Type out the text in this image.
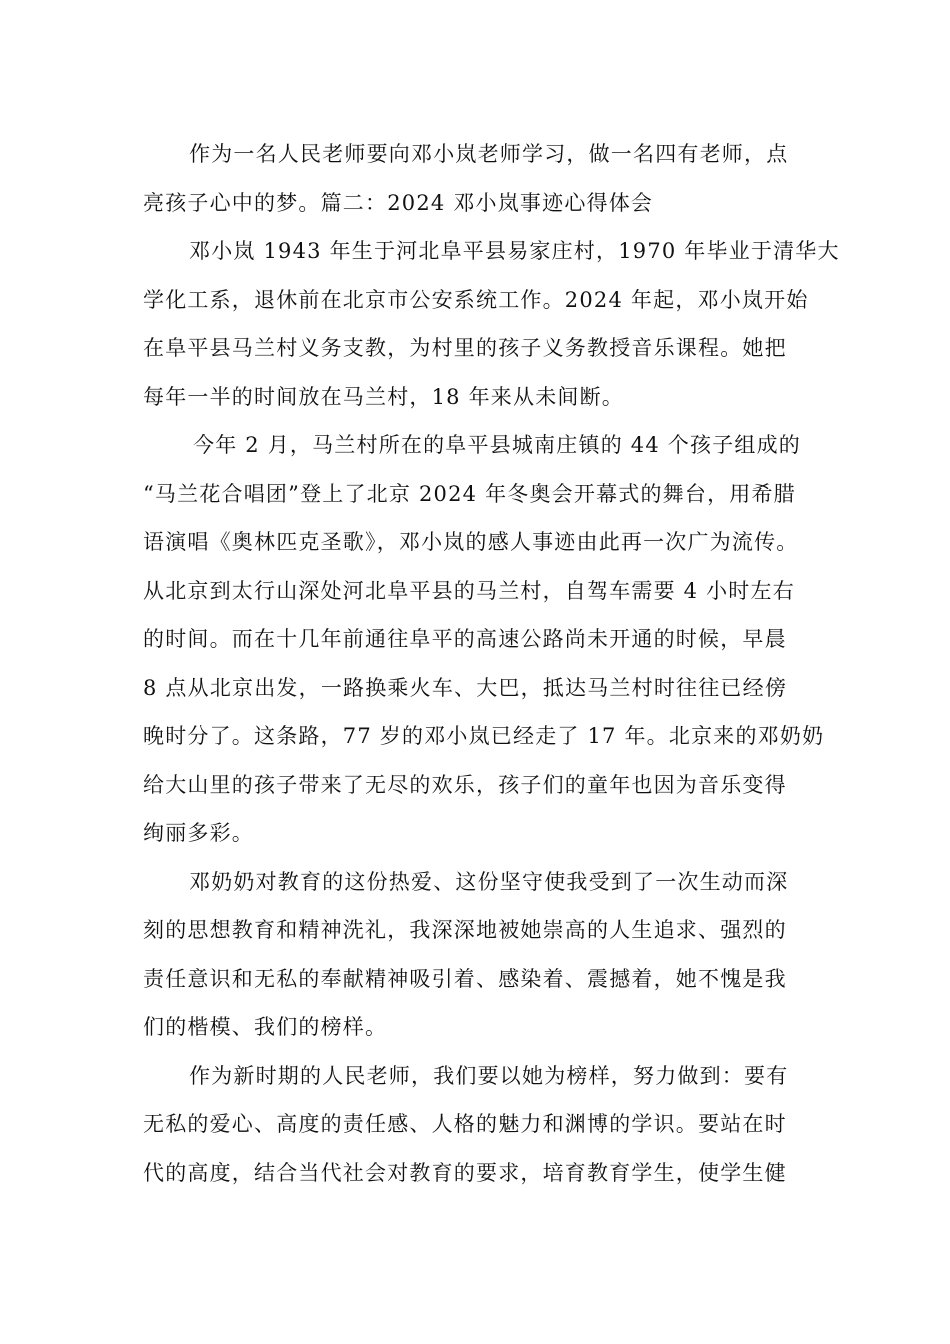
作为一名人民老师要向邓小岚老师学习，做一名四有老师，点
亮孩子心中的梦。篇二：2024 邓小岚事迹心得体会
邓小岚 1943 年生于河北阜平县易家庄村，1970 年毕业于清华大
学化工系，退休前在北京市公安系统工作。2024 年起，邓小岚开始
在阜平县马兰村义务支教，为村里的孩子义务教授音乐课程。她把
每年一半的时间放在马兰村，18 年来从未间断。
今年 2 月，马兰村所在的阜平县城南庄镇的 44 个孩子组成的
“马兰花合唱团”登上了北京 2024 年冬奥会开幕式的舞台，用希腊
语演唱《奥林匹克圣歌》，邓小岚的感人事迹由此再一次广为流传。
从北京到太行山深处河北阜平县的马兰村，自驾车需要 4 小时左右
的时间。而在十几年前通往阜平的高速公路尚未开通的时候，早晨
8 点从北京出发，一路换乘火车、大巴，抵达马兰村时往往已经傍
晚时分了。这条路，77 岁的邓小岚已经走了 17 年。北京来的邓奶奶
给大山里的孩子带来了无尽的欢乐，孩子们的童年也因为音乐变得
绚丽多彩。
邓奶奶对教育的这份热爱、这份坚守使我受到了一次生动而深
刻的思想教育和精神洗礼，我深深地被她崇高的人生追求、强烈的
责任意识和无私的奉献精神吸引着、感染着、震撼着，她不愧是我
们的楷模、我们的榜样。
作为新时期的人民老师，我们要以她为榜样，努力做到：要有
无私的爱心、高度的责任感、人格的魅力和渊博的学识。要站在时
代的高度，结合当代社会对教育的要求，培育教育学生，使学生健
